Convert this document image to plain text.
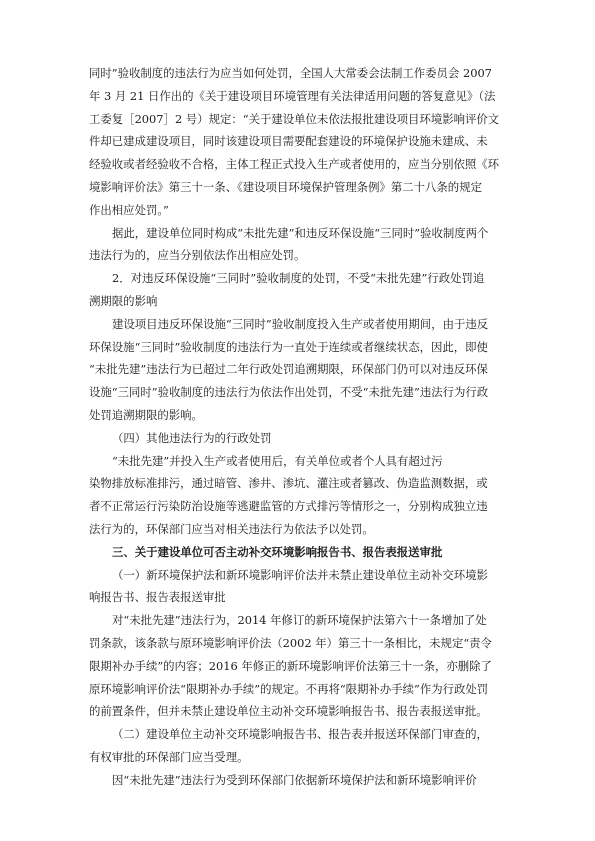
同时”验收制度的违法行为应当如何处罚，全国人大常委会法制工作委员会 2007
年 3 月 21 日作出的《关于建设项目环境管理有关法律适用问题的答复意见》（法
工委复［2007］2 号）规定：“关于建设单位未依法报批建设项目环境影响评价文
件却已建成建设项目，同时该建设项目需要配套建设的环境保护设施未建成、未
经验收或者经验收不合格，主体工程正式投入生产或者使用的，应当分别依照《环
境影响评价法》第三十一条、《建设项目环境保护管理条例》第二十八条的规定
作出相应处罚。”
据此，建设单位同时构成“未批先建”和违反环保设施“三同时”验收制度两个
违法行为的，应当分别依法作出相应处罚。
2．对违反环保设施“三同时”验收制度的处罚，不受“未批先建”行政处罚追
溯期限的影响
建设项目违反环保设施“三同时”验收制度投入生产或者使用期间，由于违反
环保设施“三同时”验收制度的违法行为一直处于连续或者继续状态，因此，即使
“未批先建”违法行为已超过二年行政处罚追溯期限，环保部门仍可以对违反环保
设施“三同时”验收制度的违法行为依法作出处罚，不受“未批先建”违法行为行政
处罚追溯期限的影响。
（四）其他违法行为的行政处罚
“未批先建”并投入生产或者使用后，有关单位或者个人具有超过污
染物排放标准排污，通过暗管、渗井、渗坑、灌注或者篡改、伪造监测数据，或
者不正常运行污染防治设施等逃避监管的方式排污等情形之一，分别构成独立违
法行为的，环保部门应当对相关违法行为依法予以处罚。
三、关于建设单位可否主动补交环境影响报告书、报告表报送审批
（一）新环境保护法和新环境影响评价法并未禁止建设单位主动补交环境影
响报告书、报告表报送审批
对“未批先建”违法行为，2014 年修订的新环境保护法第六十一条增加了处
罚条款，该条款与原环境影响评价法（2002 年）第三十一条相比，未规定“责令
限期补办手续”的内容；2016 年修正的新环境影响评价法第三十一条，亦删除了
原环境影响评价法“限期补办手续”的规定。不再将“限期补办手续”作为行政处罚
的前置条件，但并未禁止建设单位主动补交环境影响报告书、报告表报送审批。
（二）建设单位主动补交环境影响报告书、报告表并报送环保部门审查的，
有权审批的环保部门应当受理。
因“未批先建”违法行为受到环保部门依据新环境保护法和新环境影响评价
